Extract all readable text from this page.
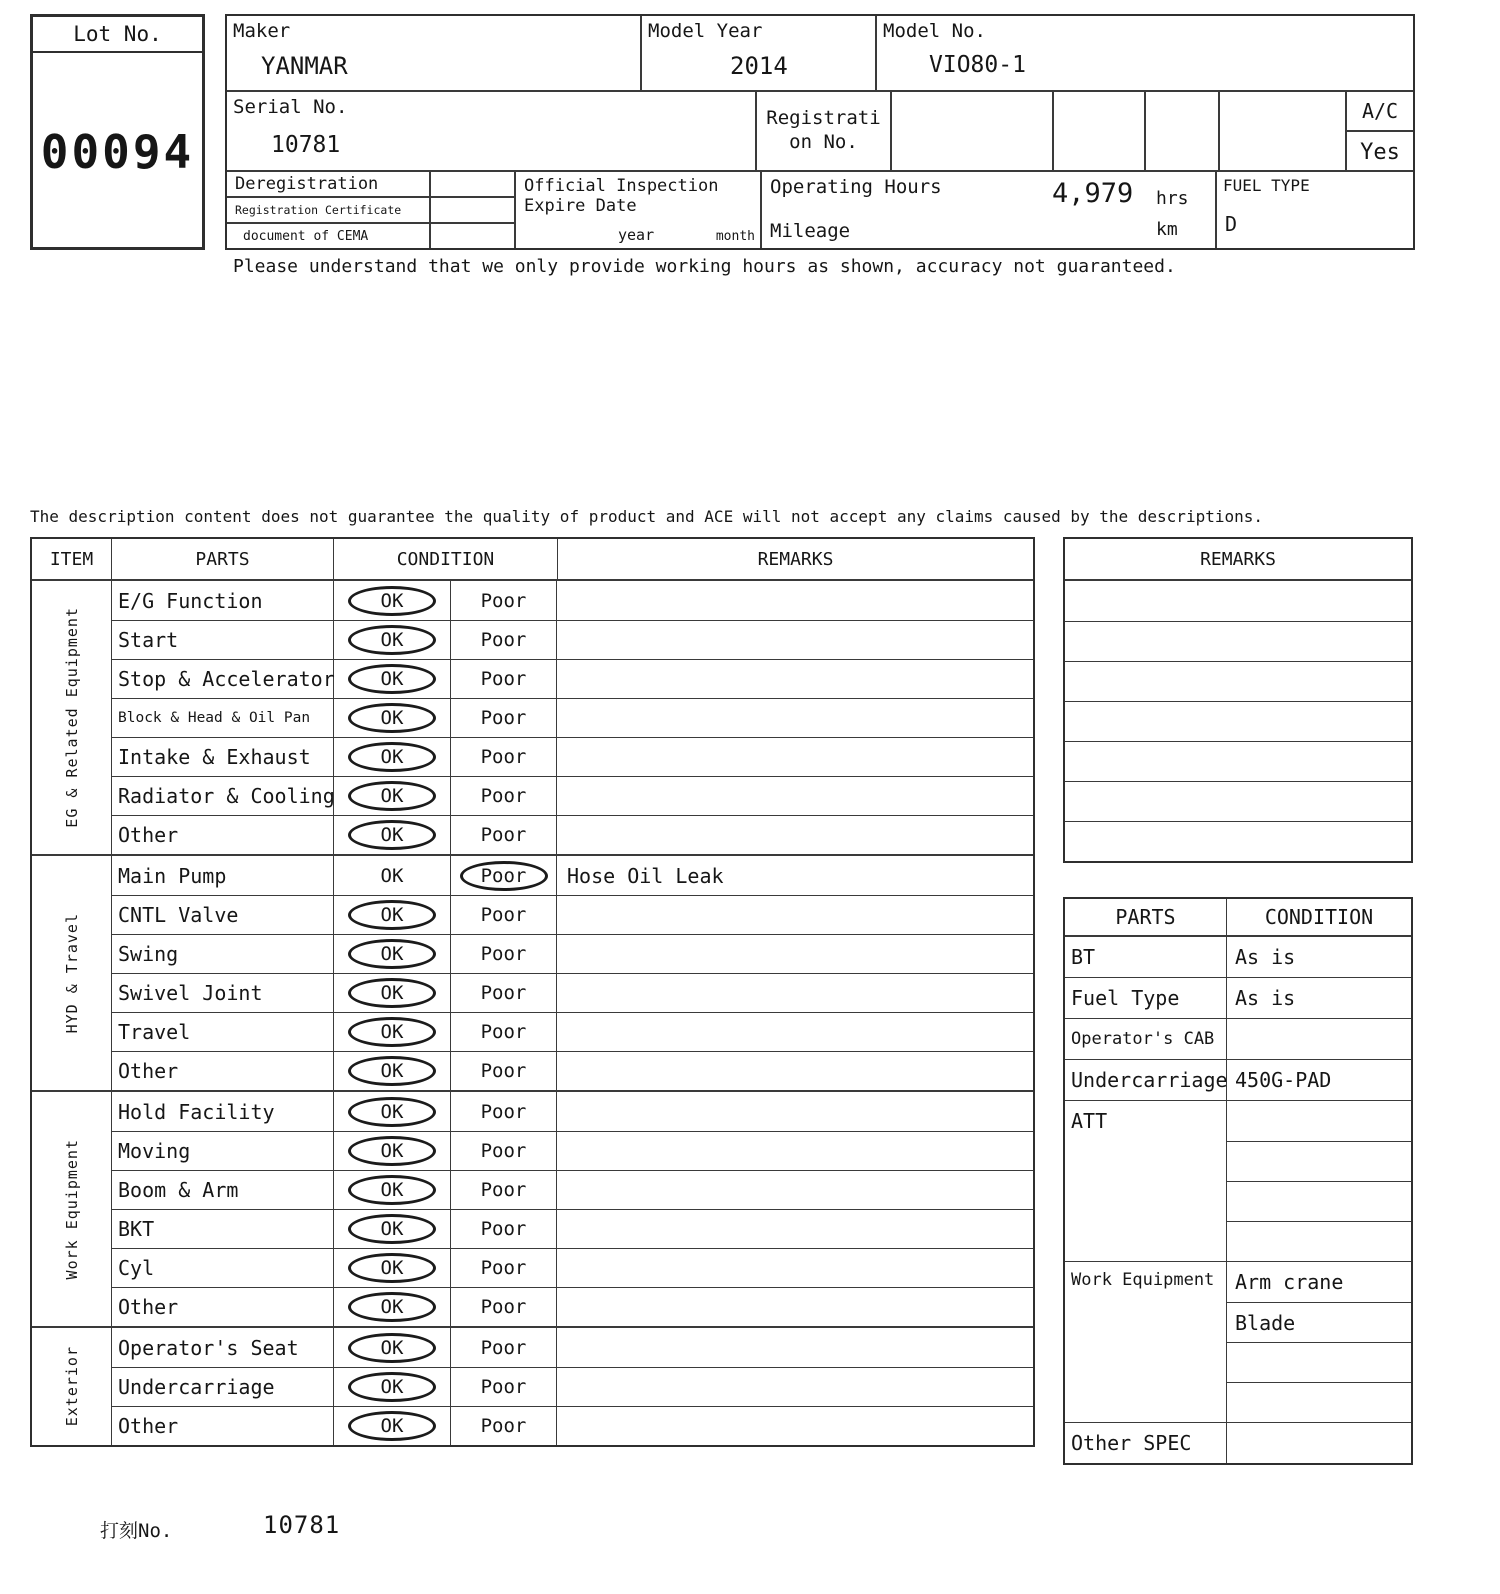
Lot No.
00094
Maker
YANMAR
Model Year
2014
Model No.
VIO80-1
Serial No.
10781
Registration No.
A/C
Yes
Deregistration
Registration Certificate
document of CEMA
Official Inspection Expire Date
year	month
Operating Hours	4,979 hrs
Mileage	km
FUEL TYPE
D
Please understand that we only provide working hours as shown, accuracy not guaranteed.
The description content does not guarantee the quality of product and ACE will not accept any claims caused by the descriptions.
ITEM	PARTS	CONDITION	REMARKS
EG & Related Equipment
E/G Function	OK	Poor
Start	OK	Poor
Stop & Accelerator	OK	Poor
Block & Head & Oil Pan	OK	Poor
Intake & Exhaust	OK	Poor
Radiator & Cooling	OK	Poor
Other	OK	Poor
HYD & Travel
Main Pump	OK	Poor	Hose Oil Leak
CNTL Valve	OK	Poor
Swing	OK	Poor
Swivel Joint	OK	Poor
Travel	OK	Poor
Other	OK	Poor
Work Equipment
Hold Facility	OK	Poor
Moving	OK	Poor
Boom & Arm	OK	Poor
BKT	OK	Poor
Cyl	OK	Poor
Other	OK	Poor
Exterior	Operator's Seat	OK	Poor
Undercarriage	OK	Poor
Other	OK	Poor
REMARKS
PARTS	CONDITION
BT	As is
Fuel Type	As is
Operator's CAB
Undercarriage 450G-PAD
ATT
Work Equipment	Arm crane
Blade
Other SPEC
打刻No.	10781
